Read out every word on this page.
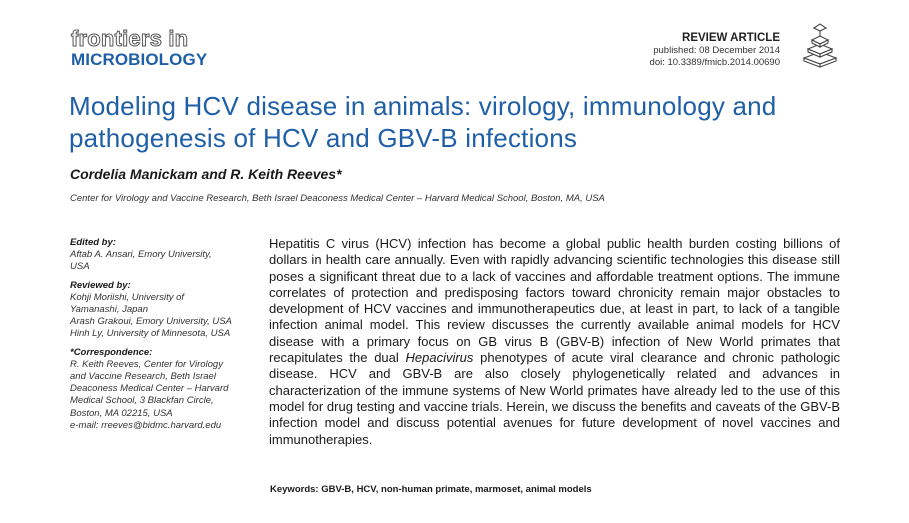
frontiers in
MICROBIOLOGY
REVIEW ARTICLE
published: 08 December 2014
doi: 10.3389/fmicb.2014.00690
Modeling HCV disease in animals: virology, immunology and pathogenesis of HCV and GBV-B infections

Cordelia Manickam and R. Keith Reeves*

Center for Virology and Vaccine Research, Beth Israel Deaconess Medical Center – Harvard Medical School, Boston, MA, USA

Edited by:
Aftab A. Ansari, Emory University,
USA
Reviewed by:
Kohji Moriishi, University of
Yamanashi, Japan
Arash Grakoui, Emory University, USA
Hinh Ly, University of Minnesota, USA
*Correspondence:
R. Keith Reeves, Center for Virology
and Vaccine Research, Beth Israel
Deaconess Medical Center – Harvard
Medical School, 3 Blackfan Circle,
Boston, MA 02215, USA
e-mail: rreeves@bidmc.harvard.edu

Hepatitis C virus (HCV) infection has become a global public health burden costing billions of dollars in health care annually. Even with rapidly advancing scientific technologies this disease still poses a significant threat due to a lack of vaccines and affordable treatment options. The immune correlates of protection and predisposing factors toward chronicity remain major obstacles to development of HCV vaccines and immunotherapeutics due, at least in part, to lack of a tangible infection animal model. This review discusses the currently available animal models for HCV disease with a primary focus on GB virus B (GBV-B) infection of New World primates that recapitulates the dual Hepacivirus phenotypes of acute viral clearance and chronic pathologic disease. HCV and GBV-B are also closely phylogenetically related and advances in characterization of the immune systems of New World primates have already led to the use of this model for drug testing and vaccine trials. Herein, we discuss the benefits and caveats of the GBV-B infection model and discuss potential avenues for future development of novel vaccines and immunotherapies.

Keywords: GBV-B, HCV, non-human primate, marmoset, animal models
